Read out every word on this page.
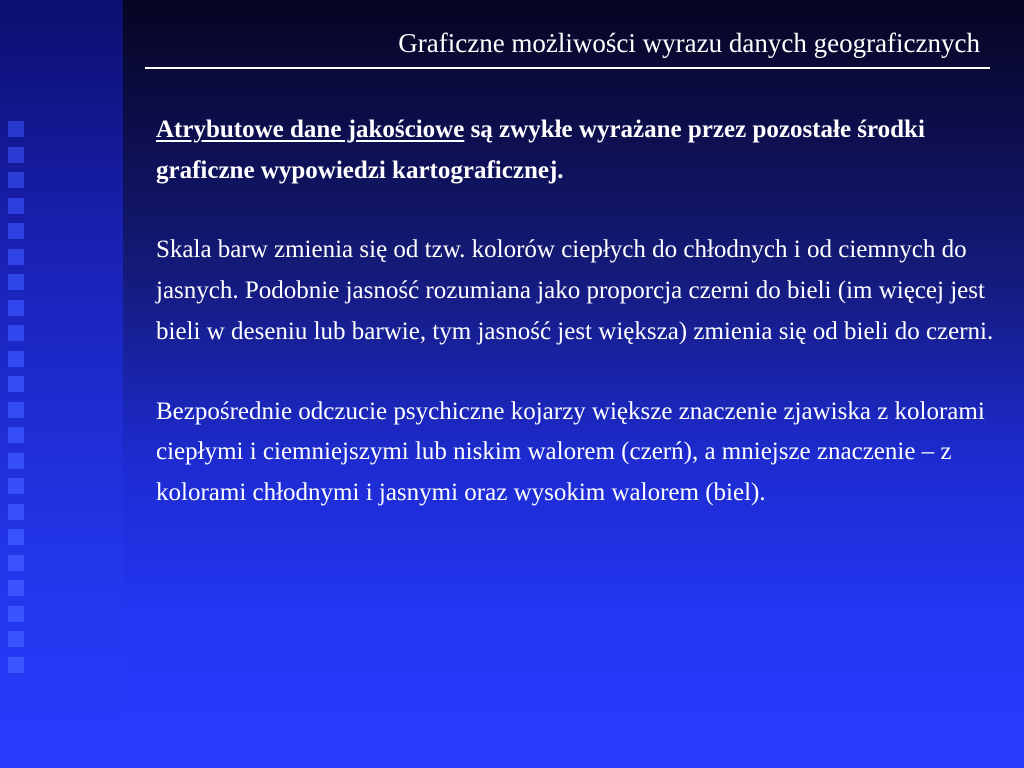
Graficzne możliwości wyrazu danych geograficznych

Atrybutowe dane jakościowe są zwykłe wyrażane przez pozostałe środki graficzne wypowiedzi kartograficznej.

Skala barw zmienia się od tzw. kolorów ciepłych do chłodnych i od ciemnych do jasnych. Podobnie jasność rozumiana jako proporcja czerni do bieli (im więcej jest bieli w deseniu lub barwie, tym jasność jest większa) zmienia się od bieli do czerni.

Bezpośrednie odczucie psychiczne kojarzy większe znaczenie zjawiska z kolorami ciepłymi i ciemniejszymi lub niskim walorem (czerń), a mniejsze znaczenie – z kolorami chłodnymi i jasnymi oraz wysokim walorem (biel).
